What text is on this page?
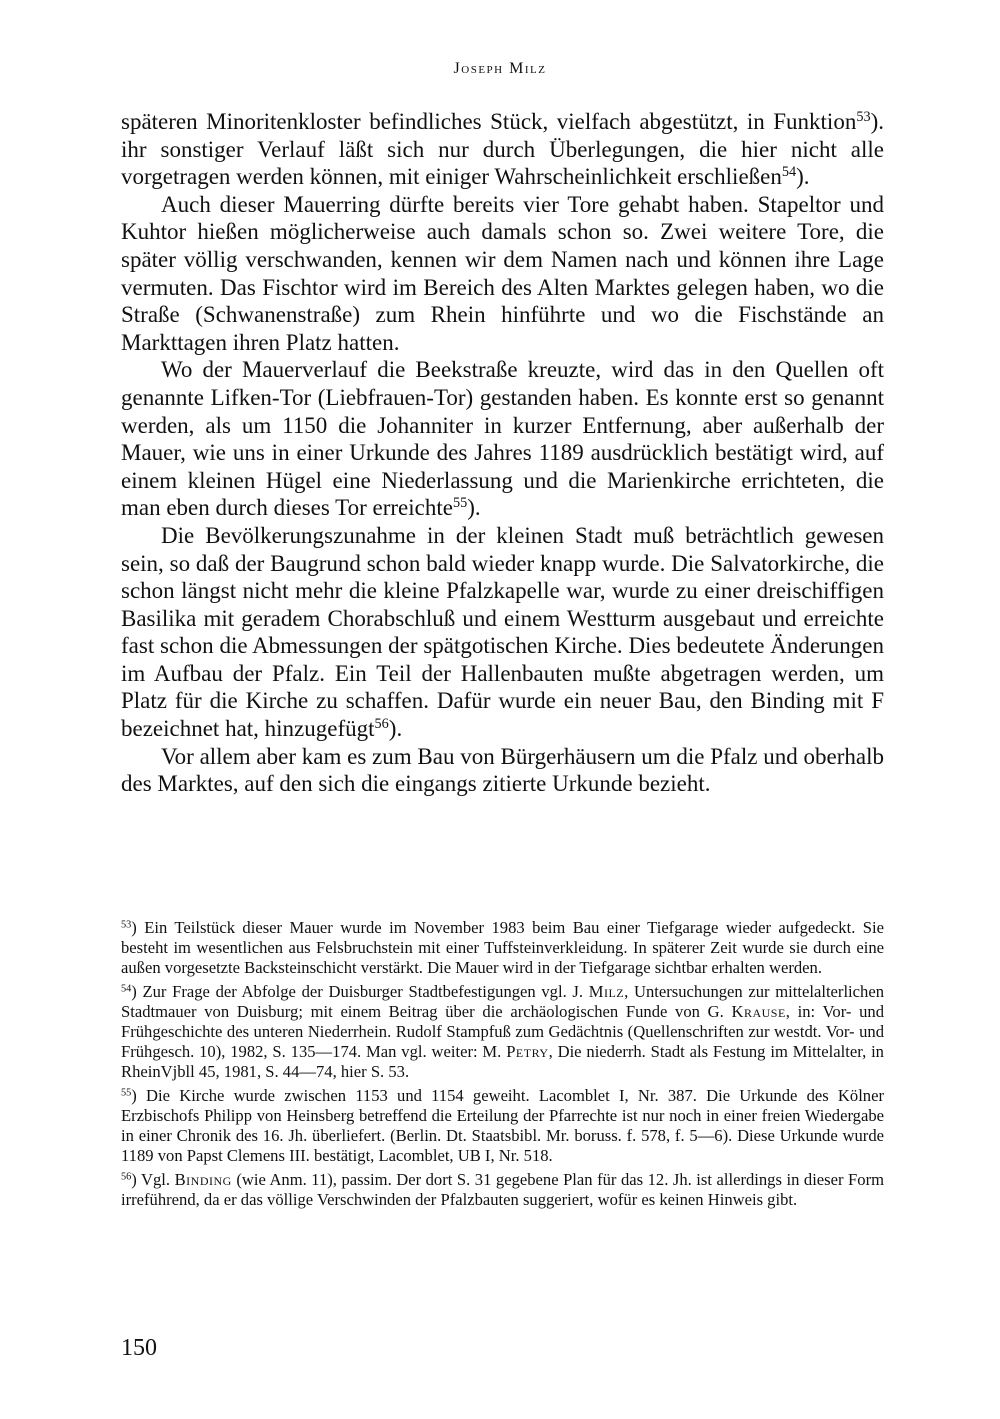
Joseph Milz

späteren Minoritenkloster befindliches Stück, vielfach abgestützt, in Funktion$^{53}$). ihr sonstiger Verlauf läßt sich nur durch Überlegungen, die hier nicht alle vorgetragen werden können, mit einiger Wahrscheinlichkeit erschließen$^{54}$).

Auch dieser Mauerring dürfte bereits vier Tore gehabt haben. Stapeltor und Kuhtor hießen möglicherweise auch damals schon so. Zwei weitere Tore, die später völlig verschwanden, kennen wir dem Namen nach und können ihre Lage vermuten. Das Fischtor wird im Bereich des Alten Marktes gelegen haben, wo die Straße (Schwanenstraße) zum Rhein hinführte und wo die Fischstände an Markttagen ihren Platz hatten.

Wo der Mauerverlauf die Beekstraße kreuzte, wird das in den Quellen oft genannte Lifken-Tor (Liebfrauen-Tor) gestanden haben. Es konnte erst so genannt werden, als um 1150 die Johanniter in kurzer Entfernung, aber außerhalb der Mauer, wie uns in einer Urkunde des Jahres 1189 ausdrücklich bestätigt wird, auf einem kleinen Hügel eine Niederlassung und die Marienkirche errichteten, die man eben durch dieses Tor erreichte$^{55}$).

Die Bevölkerungszunahme in der kleinen Stadt muß beträchtlich gewesen sein, so daß der Baugrund schon bald wieder knapp wurde. Die Salvatorkirche, die schon längst nicht mehr die kleine Pfalzkapelle war, wurde zu einer dreischiffigen Basilika mit geradem Chorabschluß und einem Westturm ausgebaut und erreichte fast schon die Abmessungen der spätgotischen Kirche. Dies bedeutete Änderungen im Aufbau der Pfalz. Ein Teil der Hallenbauten mußte abgetragen werden, um Platz für die Kirche zu schaffen. Dafür wurde ein neuer Bau, den Binding mit F bezeichnet hat, hinzugefügt$^{56}$).

Vor allem aber kam es zum Bau von Bürgerhäusern um die Pfalz und oberhalb des Marktes, auf den sich die eingangs zitierte Urkunde bezieht.

$^{53}$) Ein Teilstück dieser Mauer wurde im November 1983 beim Bau einer Tiefgarage wieder aufgedeckt. Sie besteht im wesentlichen aus Felsbruchstein mit einer Tuffsteinverkleidung. In späterer Zeit wurde sie durch eine außen vorgesetzte Backsteinschicht verstärkt. Die Mauer wird in der Tiefgarage sichtbar erhalten werden.

$^{54}$) Zur Frage der Abfolge der Duisburger Stadtbefestigungen vgl. J. Milz, Untersuchungen zur mittelalterlichen Stadtmauer von Duisburg; mit einem Beitrag über die archäologischen Funde von G. Krause, in: Vor- und Frühgeschichte des unteren Niederrhein. Rudolf Stampfuß zum Gedächtnis (Quellenschriften zur westdt. Vor- und Frühgesch. 10), 1982, S. 135—174. Man vgl. weiter: M. Petry, Die niederrh. Stadt als Festung im Mittelalter, in RheinVjbll 45, 1981, S. 44—74, hier S. 53.

$^{55}$) Die Kirche wurde zwischen 1153 und 1154 geweiht. Lacomblet I, Nr. 387. Die Urkunde des Kölner Erzbischofs Philipp von Heinsberg betreffend die Erteilung der Pfarrechte ist nur noch in einer freien Wiedergabe in einer Chronik des 16. Jh. überliefert. (Berlin. Dt. Staatsbibl. Mr. boruss. f. 578, f. 5—6). Diese Urkunde wurde 1189 von Papst Clemens III. bestätigt, Lacomblet, UB I, Nr. 518.

$^{56}$) Vgl. Binding (wie Anm. 11), passim. Der dort S. 31 gegebene Plan für das 12. Jh. ist allerdings in dieser Form irreführend, da er das völlige Verschwinden der Pfalzbauten suggeriert, wofür es keinen Hinweis gibt.

150
